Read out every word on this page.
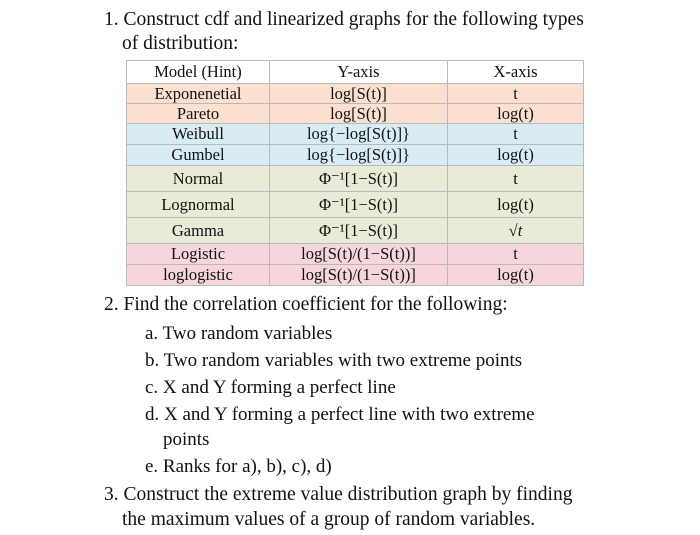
1. Construct cdf and linearized graphs for the following types
of distribution:
Model (Hint)	Y-axis	X-axis
Exponenetial	log[S(t)]	t
Pareto	log[S(t)]	log(t)
Weibull	log{−log[S(t)]}	t
Gumbel	log{−log[S(t)]}	log(t)
Normal	Φ⁻¹[1−S(t)]	t
Lognormal	Φ⁻¹[1−S(t)]	log(t)
Gamma	Φ⁻¹[1−S(t)]	√t
Logistic	log[S(t)/(1−S(t))]	t
loglogistic	log[S(t)/(1−S(t))]	log(t)
2. Find the correlation coefficient for the following:
a. Two random variables
b. Two random variables with two extreme points
c. X and Y forming a perfect line
d. X and Y forming a perfect line with two extreme
points
e. Ranks for a), b), c), d)
3. Construct the extreme value distribution graph by finding
the maximum values of a group of random variables.
